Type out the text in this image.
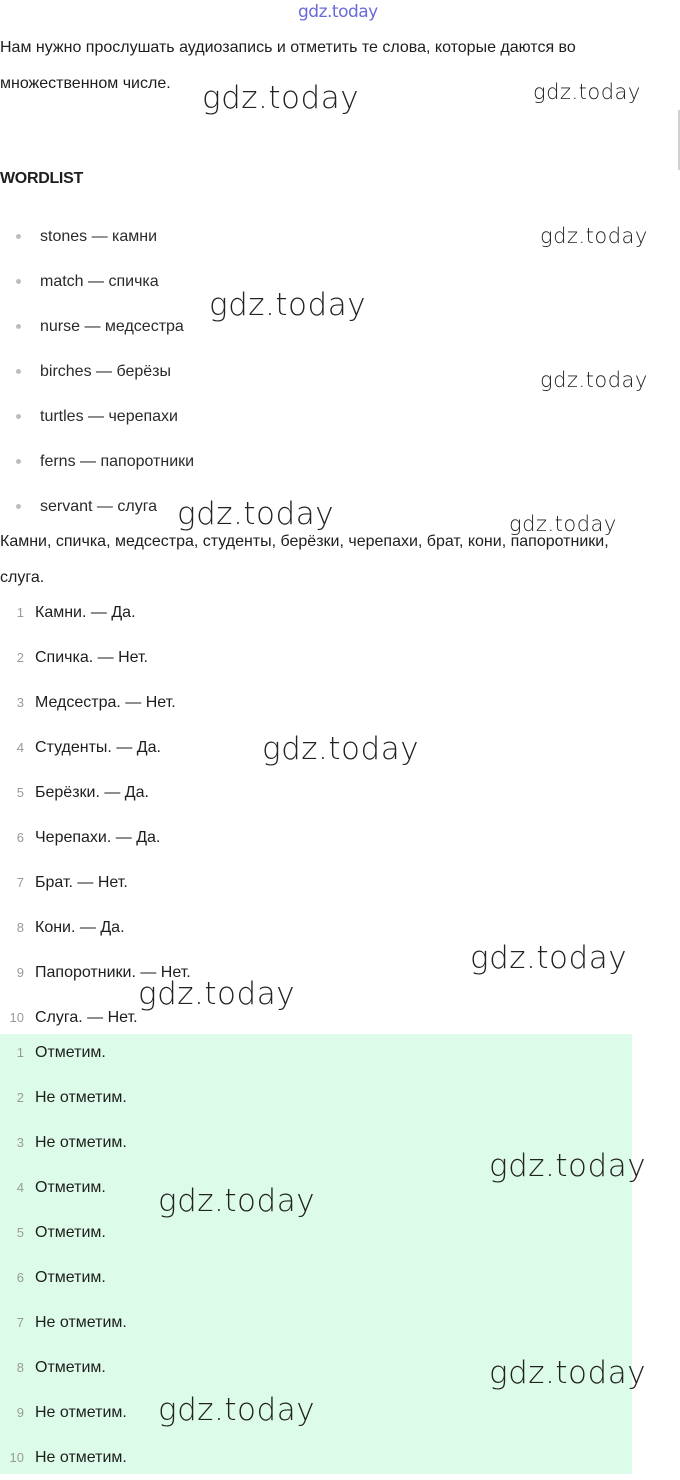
gdz.today

Нам нужно прослушать аудиозапись и отметить те слова, которые даются во множественном числе.

WORDLIST
stones — камни
match — спичка
nurse — медсестра
birches — берёзы
turtles — черепахи
ferns — папоротники
servant — слуга

Камни, спичка, медсестра, студенты, берёзки, черепахи, брат, кони, папоротники, слуга.

1 Камни. — Да.
2 Спичка. — Нет.
3 Медсестра. — Нет.
4 Студенты. — Да.
5 Берёзки. — Да.
6 Черепахи. — Да.
7 Брат. — Нет.
8 Кони. — Да.
9 Папоротники. — Нет.
10 Слуга. — Нет.
1 Отметим.
2 Не отметим.
3 Не отметим.
4 Отметим.
5 Отметим.
6 Отметим.
7 Не отметим.
8 Отметим.
9 Не отметим.
10 Не отметим.
gdz.today	gdz.today
gdz.today
gdz.today
gdz.today
gdz.today	gdz.today
gdz.today
gdz.today
gdz.today
gdz.today
gdz.today
gdz.today
gdz.today
